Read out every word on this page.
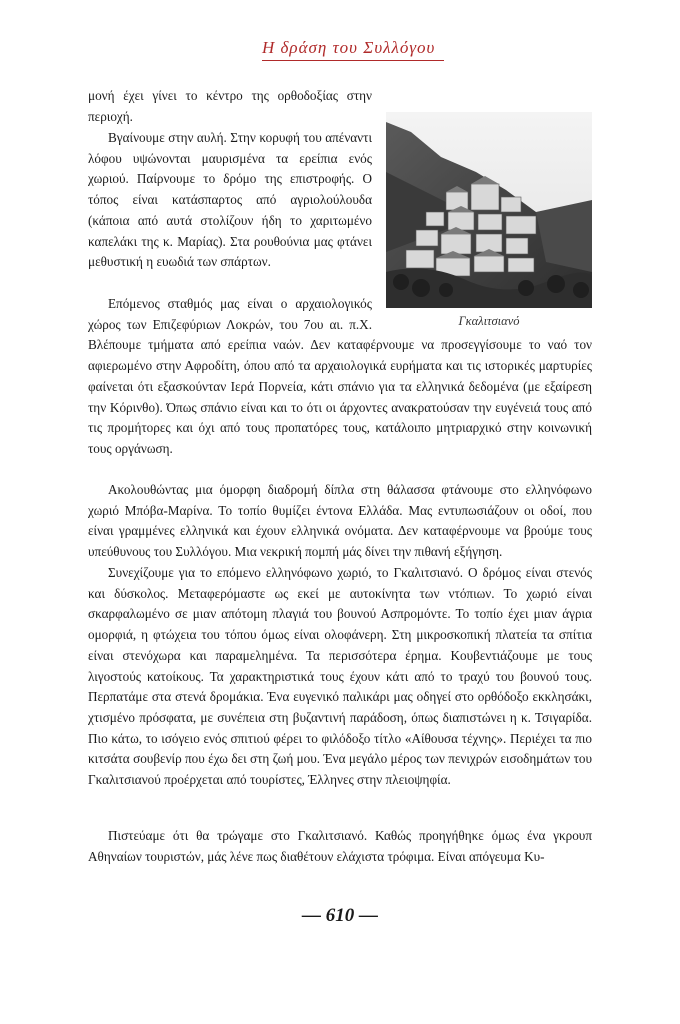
Η δράση του Συλλόγου
Γκαλιτσιανό

μονή έχει γίνει το κέντρο της ορθοδοξίας στην περιοχή.

Βγαίνουμε στην αυλή. Στην κορυφή του απέναντι λόφου υψώνονται μαυρισμένα τα ερείπια ενός χωριού. Παίρνουμε το δρόμο της επιστροφής. Ο τόπος είναι κατάσπαρτος από αγριολούλουδα (κάποια από αυτά στολίζουν ήδη το χαριτωμένο καπελάκι της κ. Μαρίας). Στα ρουθούνια μας φτάνει μεθυστική η ευωδιά των σπάρτων.

Επόμενος σταθμός μας είναι ο αρχαιολογικός χώρος των Επιζεφύριων Λοκρών, του 7ου αι. π.Χ. Βλέπουμε τμήματα από ερείπια ναών. Δεν καταφέρνουμε να προσεγγίσουμε το ναό τον αφιερωμένο στην Αφροδίτη, όπου από τα αρχαιολογικά ευρήματα και τις ιστορικές μαρτυρίες φαίνεται ότι εξασκούνταν Ιερά Πορνεία, κάτι σπάνιο για τα ελληνικά δεδομένα (με εξαίρεση την Κόρινθο). Όπως σπάνιο είναι και το ότι οι άρχοντες ανακρατούσαν την ευγένειά τους από τις προμήτορες και όχι από τους προπατόρες τους, κατάλοιπο μητριαρχικό στην κοινωνική τους οργάνωση.

Ακολουθώντας μια όμορφη διαδρομή δίπλα στη θάλασσα φτάνουμε στο ελληνόφωνο χωριό Μπόβα-Μαρίνα. Το τοπίο θυμίζει έντονα Ελλάδα. Μας εντυπωσιάζουν οι οδοί, που είναι γραμμένες ελληνικά και έχουν ελληνικά ονόματα. Δεν καταφέρνουμε να βρούμε τους υπεύθυνους του Συλλόγου. Μια νεκρική πομπή μάς δίνει την πιθανή εξήγηση.

Συνεχίζουμε για το επόμενο ελληνόφωνο χωριό, το Γκαλιτσιανό. Ο δρόμος είναι στενός και δύσκολος. Μεταφερόμαστε ως εκεί με αυτοκίνητα των ντόπιων. Το χωριό είναι σκαρφαλωμένο σε μιαν απότομη πλαγιά του βουνού Ασπρομόντε. Το τοπίο έχει μιαν άγρια ομορφιά, η φτώχεια του τόπου όμως είναι ολοφάνερη. Στη μικροσκοπική πλατεία τα σπίτια είναι στενόχωρα και παραμελημένα. Τα περισσότερα έρημα. Κουβεντιάζουμε με τους λιγοστούς κατοίκους. Τα χαρακτηριστικά τους έχουν κάτι από το τραχύ του βουνού τους. Περπατάμε στα στενά δρομάκια. Ένα ευγενικό παλικάρι μας οδηγεί στο ορθόδοξο εκκλησάκι, χτισμένο πρόσφατα, με συνέπεια στη βυζαντινή παράδοση, όπως διαπιστώνει η κ. Τσιγαρίδα. Πιο κάτω, το ισόγειο ενός σπιτιού φέρει το φιλόδοξο τίτλο «Αίθουσα τέχνης». Περιέχει τα πιο κιτσάτα σουβενίρ που έχω δει στη ζωή μου. Ένα μεγάλο μέρος των πενιχρών εισοδημάτων του Γκαλιτσιανού προέρχεται από τουρίστες, Έλληνες στην πλειοψηφία.

Πιστεύαμε ότι θα τρώγαμε στο Γκαλιτσιανό. Καθώς προηγήθηκε όμως ένα γκρουπ Αθηναίων τουριστών, μάς λένε πως διαθέτουν ελάχιστα τρόφιμα. Είναι απόγευμα Κυ-

— 610 —
